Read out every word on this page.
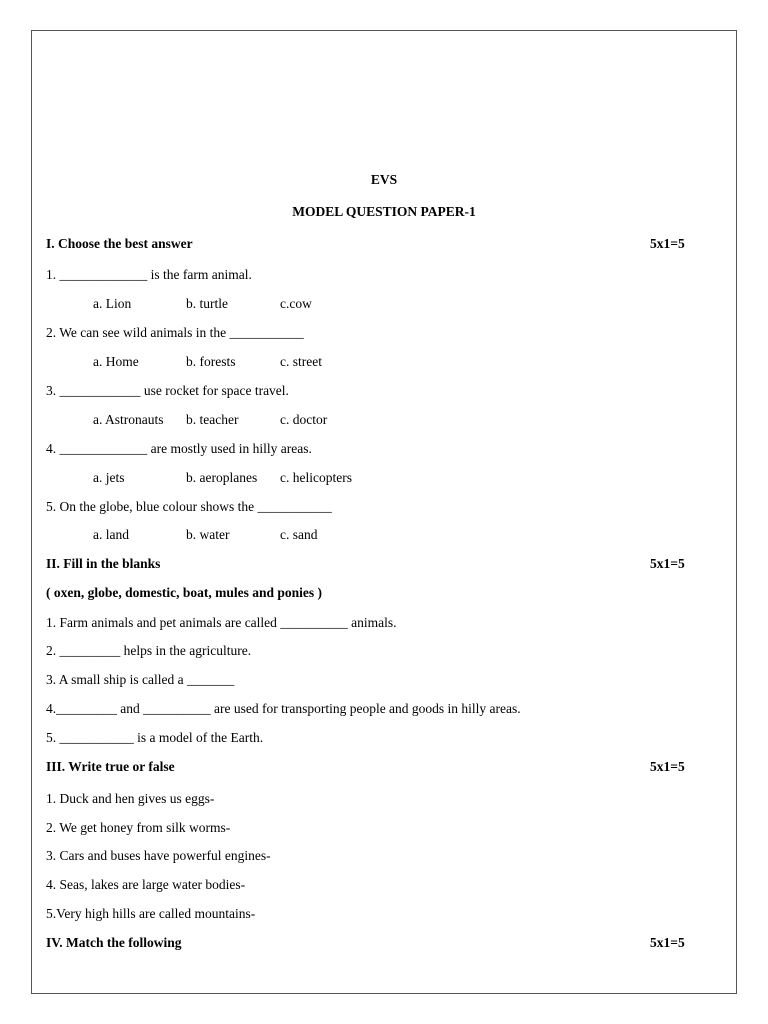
EVS
MODEL QUESTION PAPER-1
I. Choose the best answer	5x1=5
1. _____________ is the farm animal.
a. Lion	b. turtle	c.cow
2. We can see wild animals in the ___________
a. Home	b. forests	c. street
3. ____________ use rocket for space travel.
a. Astronauts b. teacher	c. doctor
4. _____________ are mostly used in hilly areas.
a. jets	b. aeroplanes c. helicopters
5. On the globe, blue colour shows the ___________
a. land	b. water	c. sand
II. Fill in the blanks	5x1=5
( oxen, globe, domestic, boat, mules and ponies )
1. Farm animals and pet animals are called __________ animals.
2. _________ helps in the agriculture.
3. A small ship is called a _______
4._________ and __________ are used for transporting people and goods in hilly areas.
5. ___________ is a model of the Earth.
III. Write true or false	5x1=5
1. Duck and hen gives us eggs-
2. We get honey from silk worms-
3. Cars and buses have powerful engines-
4. Seas, lakes are large water bodies-
5.Very high hills are called mountains-
IV. Match the following	5x1=5
